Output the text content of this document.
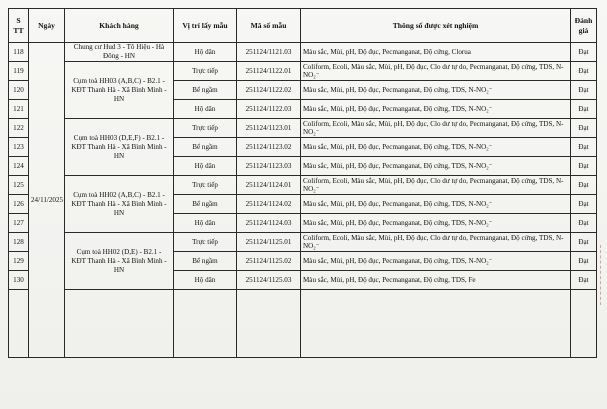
S TT	Ngày	Khách hàng	Vị trí lấy mẫu	Mã số mẫu	Thông số được xét nghiệm	Đánh giá
118	24/11/2025	Chung cư Hud 3 - Tô Hiệu - Hà Đông - HN	Hộ dân	251124/1121.03	Màu sắc, Mùi, pH, Độ đục, Pecmanganat, Độ cứng, Clorua	Đạt
119		Cụm toà HH03 (A,B,C) - B2.1 - KĐT Thanh Hà - Xã Bình Minh - HN	Trực tiếp	251124/1122.01	Coliform, Ecoli, Màu sắc, Mùi, pH, Độ đục, Clo dư tự do, Pecmanganat, Độ cứng, TDS, N-NO₂⁻	Đạt
120			Bể ngầm	251124/1122.02	Màu sắc, Mùi, pH, Độ đục, Pecmanganat, Độ cứng, TDS, N-NO₂⁻	Đạt
121			Hộ dân	251124/1122.03	Màu sắc, Mùi, pH, Độ đục, Pecmanganat, Độ cứng, TDS, N-NO₂⁻	Đạt
122		Cụm toà HH03 (D,E,F) - B2.1 - KĐT Thanh Hà - Xã Bình Minh - HN	Trực tiếp	251124/1123.01	Coliform, Ecoli, Màu sắc, Mùi, pH, Độ đục, Clo dư tự do, Pecmanganat, Độ cứng, TDS, N-NO₂⁻	Đạt
123			Bể ngầm	251124/1123.02	Màu sắc, Mùi, pH, Độ đục, Pecmanganat, Độ cứng, TDS, N-NO₂⁻	Đạt
124			Hộ dân	251124/1123.03	Màu sắc, Mùi, pH, Độ đục, Pecmanganat, Độ cứng, TDS, N-NO₂⁻	Đạt
125		Cụm toà HH02 (A,B,C) - B2.1 - KĐT Thanh Hà - Xã Bình Minh - HN	Trực tiếp	251124/1124.01	Coliform, Ecoli, Màu sắc, Mùi, pH, Độ đục, Clo dư tự do, Pecmanganat, Độ cứng, TDS, N-NO₂⁻	Đạt
126			Bể ngầm	251124/1124.02	Màu sắc, Mùi, pH, Độ đục, Pecmanganat, Độ cứng, TDS, N-NO₂⁻	Đạt
127			Hộ dân	251124/1124.03	Màu sắc, Mùi, pH, Độ đục, Pecmanganat, Độ cứng, TDS, N-NO₂⁻	Đạt
128		Cụm toà HH02 (D,E) - B2.1 - KĐT Thanh Hà - Xã Bình Minh - HN	Trực tiếp	251124/1125.01	Coliform, Ecoli, Màu sắc, Mùi, pH, Độ đục, Clo dư tự do, Pecmanganat, Độ cứng, TDS, N-NO₂⁻	Đạt
129			Bể ngầm	251124/1125.02	Màu sắc, Mùi, pH, Độ đục, Pecmanganat, Độ cứng, TDS, N-NO₂⁻	Đạt
130			Hộ dân	251124/1125.03	Màu sắc, Mùi, pH, Độ đục, Pecmanganat, Độ cứng, TDS, Fe	Đạt
